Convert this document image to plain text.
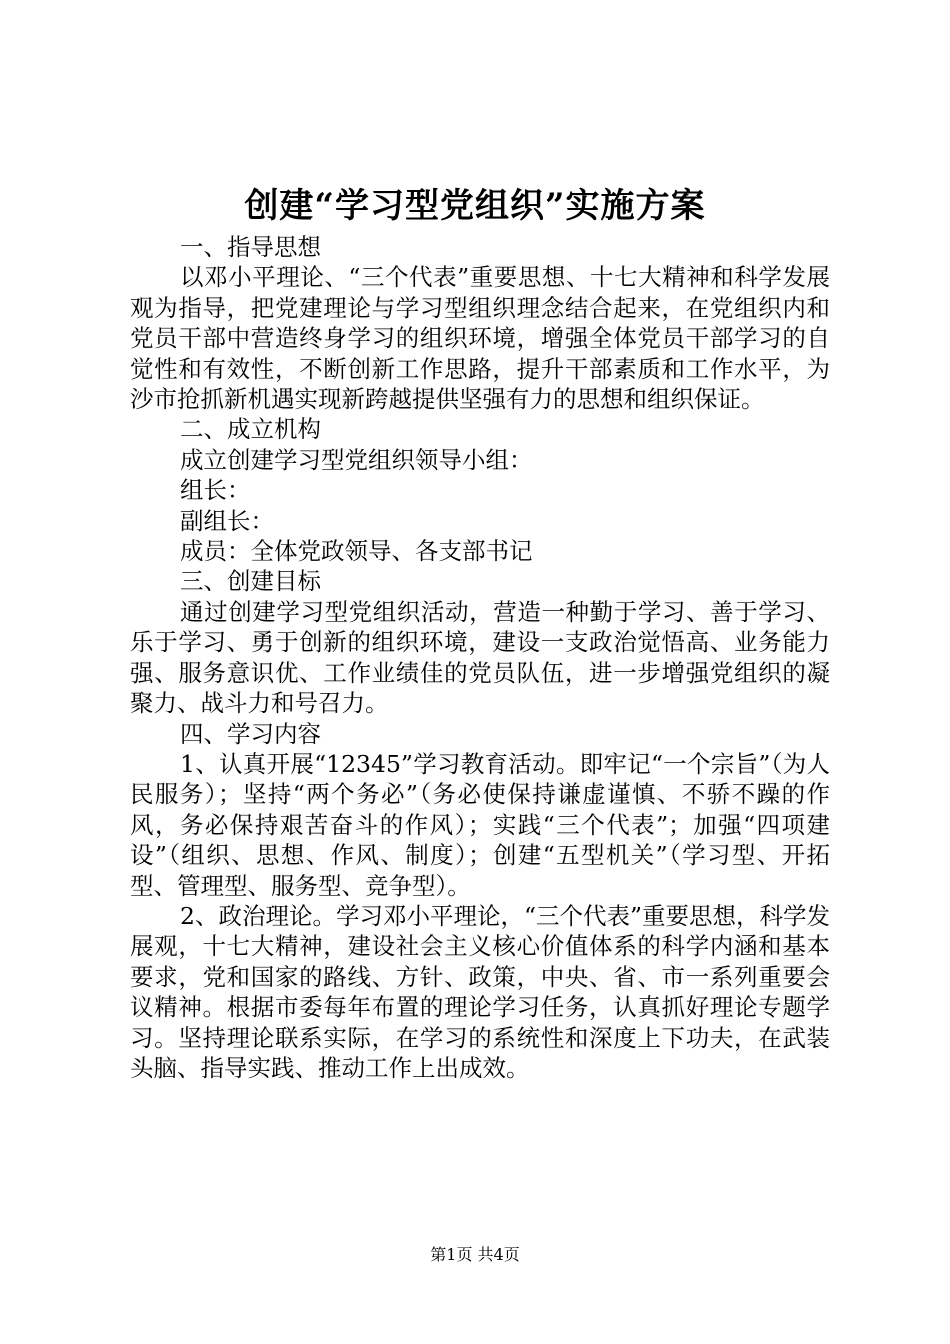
创建“学习型党组织”实施方案

一、指导思想

以邓小平理论、“三个代表”重要思想、十七大精神和科学发展观为指导，把党建理论与学习型组织理念结合起来，在党组织内和党员干部中营造终身学习的组织环境，增强全体党员干部学习的自觉性和有效性，不断创新工作思路，提升干部素质和工作水平，为沙市抢抓新机遇实现新跨越提供坚强有力的思想和组织保证。

二、成立机构

成立创建学习型党组织领导小组：

组长：

副组长：

成员：全体党政领导、各支部书记

三、创建目标

通过创建学习型党组织活动，营造一种勤于学习、善于学习、乐于学习、勇于创新的组织环境，建设一支政治觉悟高、业务能力强、服务意识优、工作业绩佳的党员队伍，进一步增强党组织的凝聚力、战斗力和号召力。

四、学习内容

1、认真开展“12345”学习教育活动。即牢记“一个宗旨”（为人民服务）；坚持“两个务必”（务必使保持谦虚谨慎、不骄不躁的作风，务必保持艰苦奋斗的作风）；实践“三个代表”；加强“四项建设”（组织、思想、作风、制度）；创建“五型机关”（学习型、开拓型、管理型、服务型、竞争型）。

2、政治理论。学习邓小平理论，“三个代表”重要思想，科学发展观，十七大精神，建设社会主义核心价值体系的科学内涵和基本要求，党和国家的路线、方针、政策，中央、省、市一系列重要会议精神。根据市委每年布置的理论学习任务，认真抓好理论专题学习。坚持理论联系实际，在学习的系统性和深度上下功夫，在武装头脑、指导实践、推动工作上出成效。

第1页 共4页
